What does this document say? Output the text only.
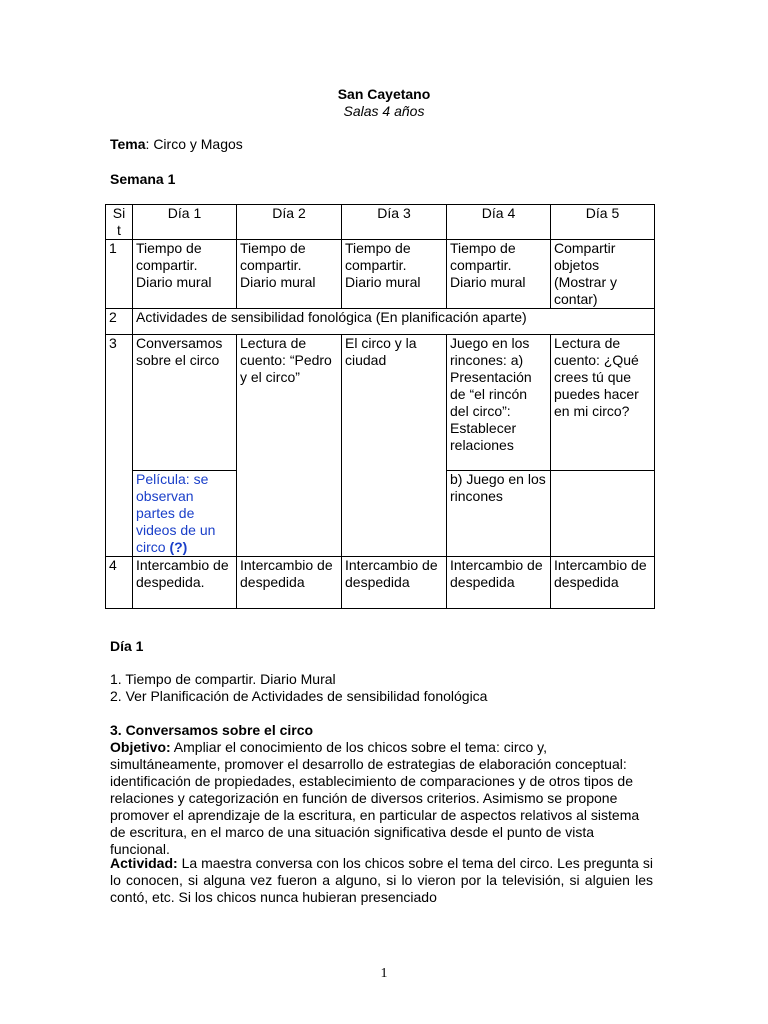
San Cayetano
Salas 4 años
Tema: Circo y Magos
Semana 1
Si t	Día 1	Día 2	Día 3	Día 4	Día 5
1	Tiempo de compartir. Diario mural	Tiempo de compartir. Diario mural	Tiempo de compartir. Diario mural	Tiempo de compartir. Diario mural	Compartir objetos (Mostrar y contar)
2	Actividades de sensibilidad fonológica (En planificación aparte)				
3	Conversamos sobre el circo	Lectura de cuento: “Pedro y el circo”	El circo y la ciudad	Juego en los rincones: a) Presentación de “el rincón del circo”: Establecer relaciones	Lectura de cuento: ¿Qué crees tú que puedes hacer en mi circo?
	Película: se observan partes de videos de un circo (?)			b) Juego en los rincones	
4	Intercambio de despedida.	Intercambio de despedida	Intercambio de despedida	Intercambio de despedida	Intercambio de despedida
Día 1
1. Tiempo de compartir. Diario Mural
2. Ver Planificación de Actividades de sensibilidad fonológica
3. Conversamos sobre el circo
Objetivo: Ampliar el conocimiento de los chicos sobre el tema: circo y, simultáneamente, promover el desarrollo de estrategias de elaboración conceptual: identificación de propiedades, establecimiento de comparaciones y de otros tipos de relaciones y categorización en función de diversos criterios. Asimismo se propone promover el aprendizaje de la escritura, en particular de aspectos relativos al sistema de escritura, en el marco de una situación significativa desde el punto de vista funcional.
Actividad: La maestra conversa con los chicos sobre el tema del circo. Les pregunta si lo conocen, si alguna vez fueron a alguno, si lo vieron por la televisión, si alguien les contó, etc. Si los chicos nunca hubieran presenciado
1
